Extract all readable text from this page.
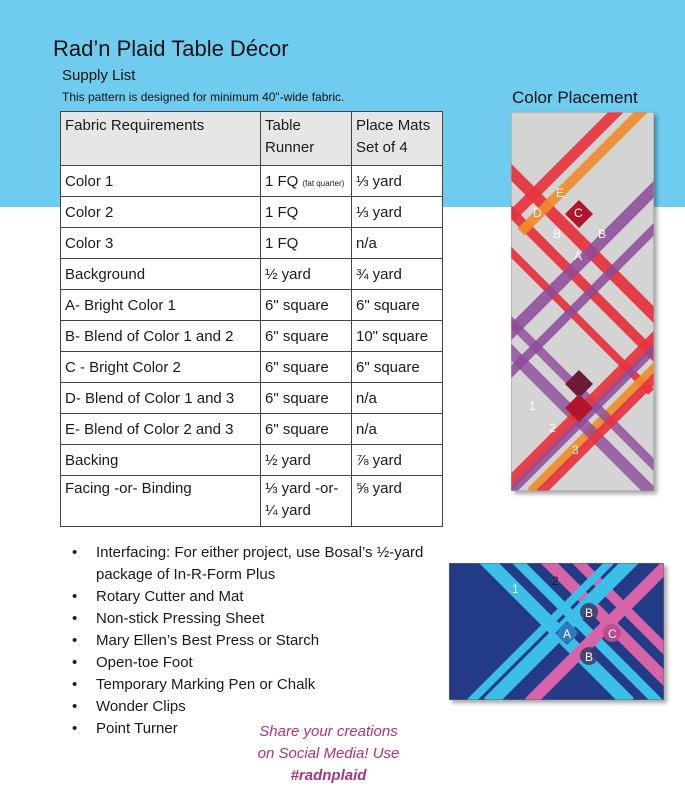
Rad’n Plaid Table Décor
Supply List
This pattern is designed for minimum 40"-wide fabric.
Fabric Requirements	Table Runner	Place Mats Set of 4
Color 1	1 FQ (fat quarter)	⅓ yard
Color 2	1 FQ	⅓ yard
Color 3	1 FQ	n/a
Background	½ yard	¾ yard
A- Bright Color 1	6" square	6" square
B- Blend of Color 1 and 2	6" square	10" square
C - Bright Color 2	6" square	6" square
D- Blend of Color 1 and 3	6" square	n/a
E- Blend of Color 2 and 3	6" square	n/a
Backing	½ yard	⅞ yard
Facing -or- Binding	⅓ yard -or- ¼ yard	⅝ yard
Color Placement
E
D	C
B	B
A
1
2
3
1
2
B
A	C
B
• Interfacing: For either project, use Bosal’s ½-yard package of In-R-Form Plus
• Rotary Cutter and Mat
• Non-stick Pressing Sheet
• Mary Ellen’s Best Press or Starch
• Open-toe Foot
• Temporary Marking Pen or Chalk
• Wonder Clips
• Point Turner	Share your creations
on Social Media! Use
#radnplaid
